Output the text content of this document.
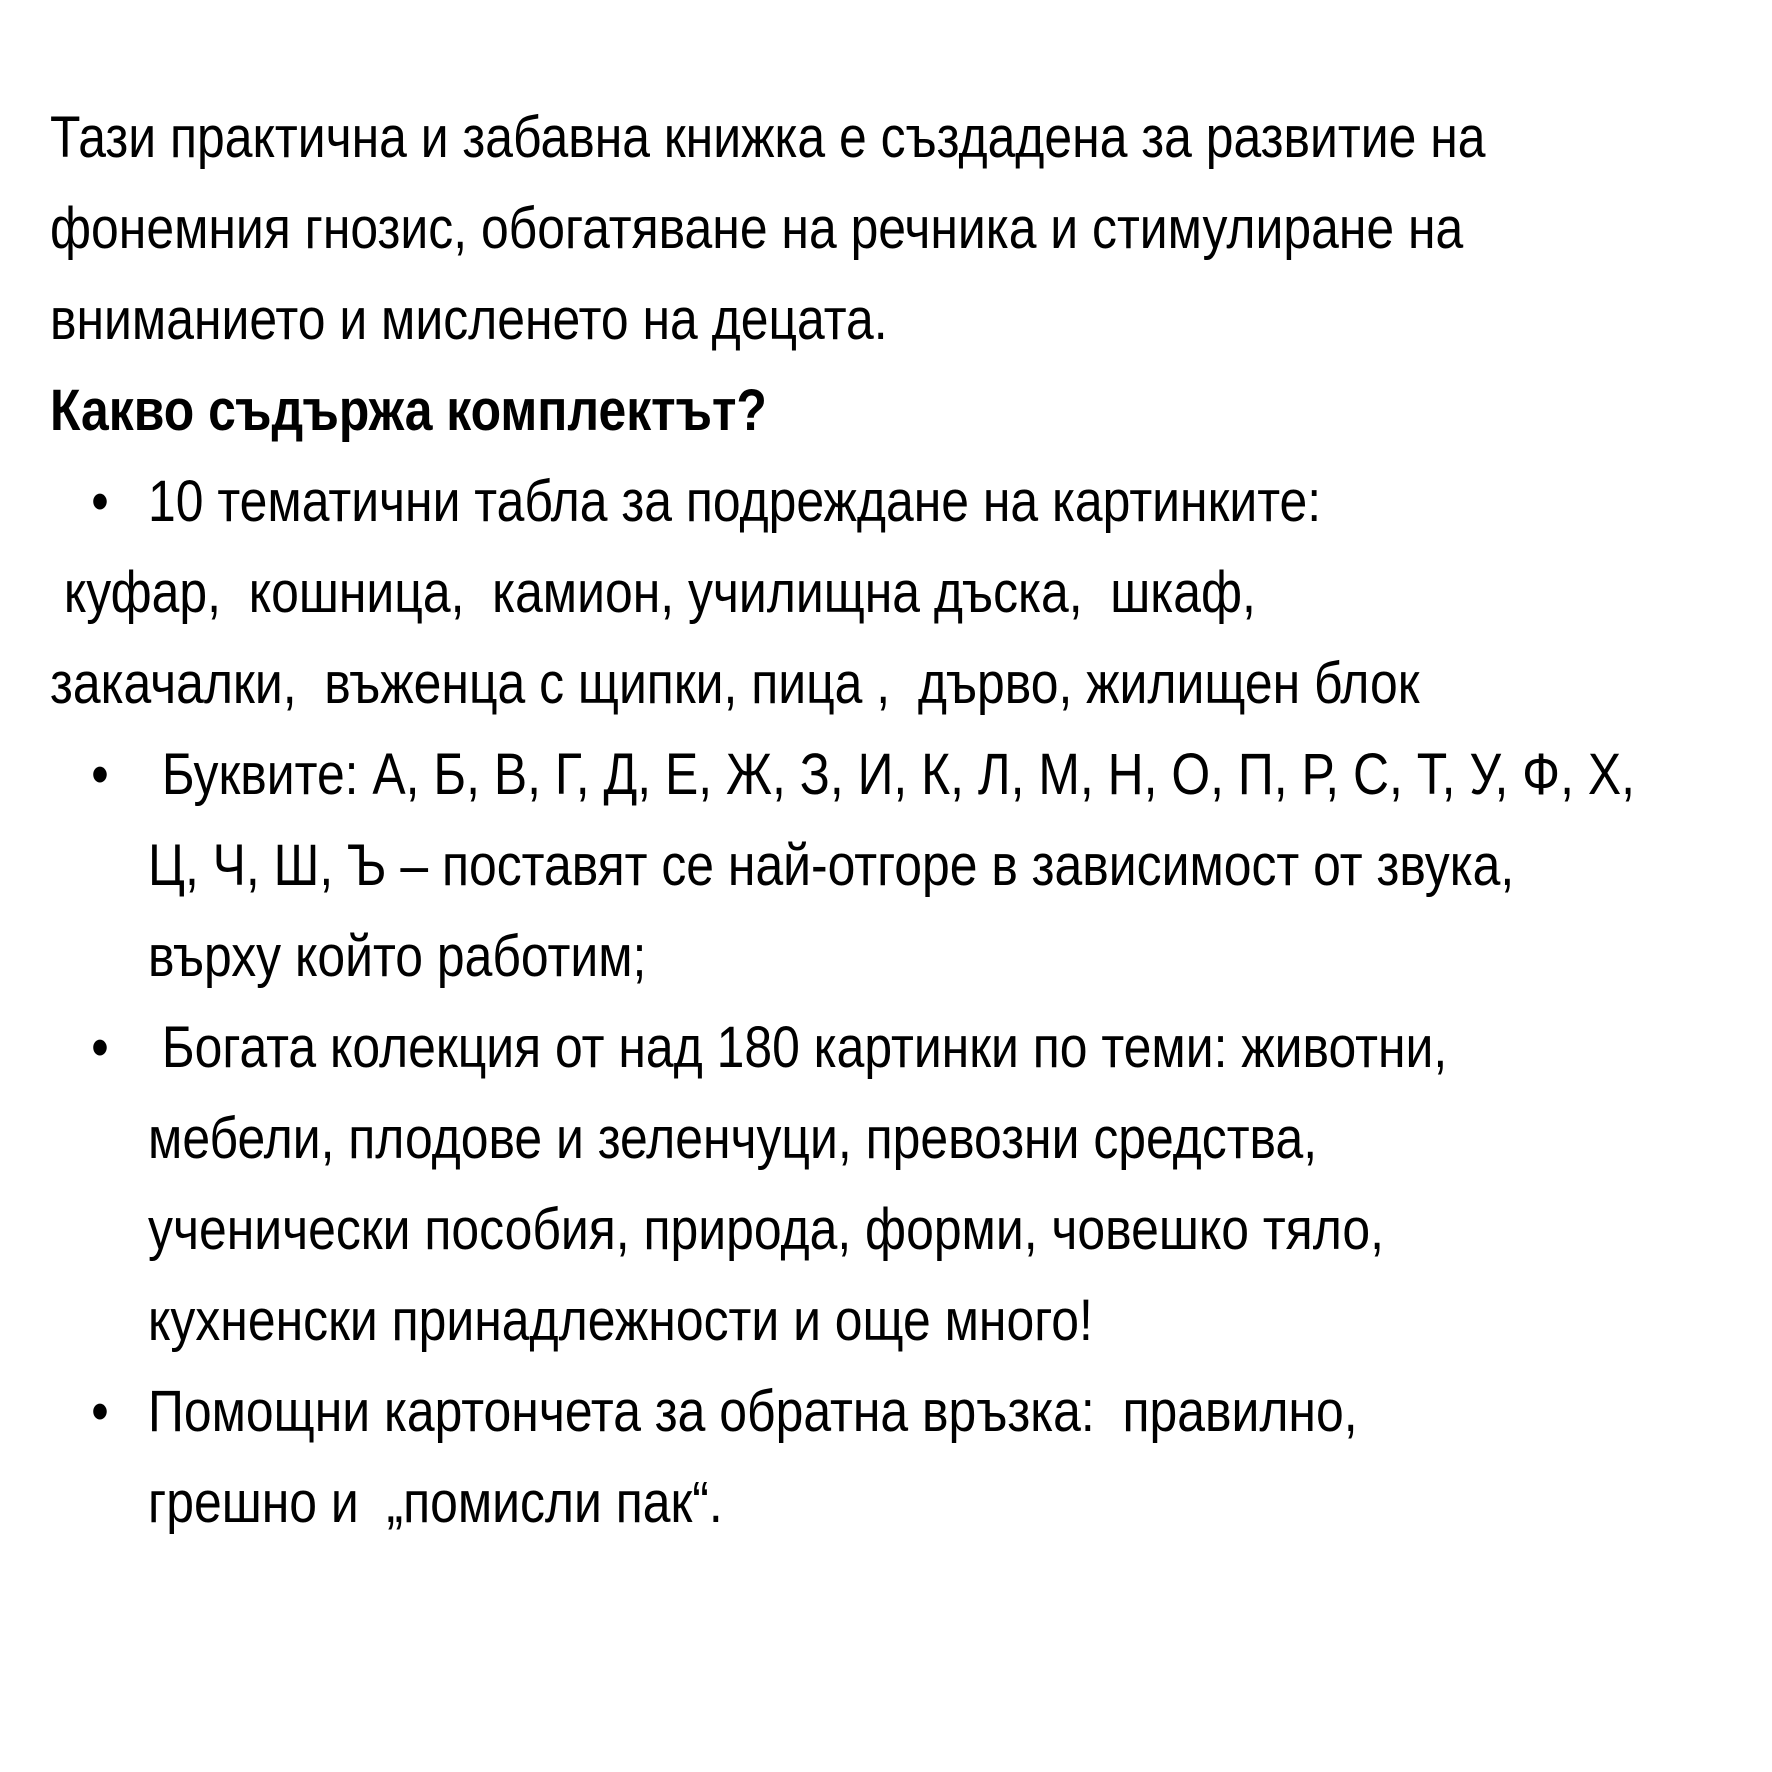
Тази практична и забавна книжка е създадена за развитие на
фонемния гнозис, обогатяване на речника и стимулиране на
вниманието и мисленето на децата.

Какво съдържа комплектът?

• 10 тематични табла за подреждане на картинките:
куфар,  кошница,  камион, училищна дъска,  шкаф,
закачалки,  въженца с щипки, пица ,  дърво, жилищен блок
• Буквите: А, Б, В, Г, Д, Е, Ж, З, И, К, Л, М, Н, О, П, Р, С, Т, У, Ф, Х,
Ц, Ч, Ш, Ъ – поставят се най-отгоре в зависимост от звука,
върху който работим;
• Богата колекция от над 180 картинки по теми: животни,
мебели, плодове и зеленчуци, превозни средства,
ученически пособия, природа, форми, човешко тяло,
кухненски принадлежности и още много!
• Помощни картончета за обратна връзка:  правилно,
грешно и  „помисли пак“.
